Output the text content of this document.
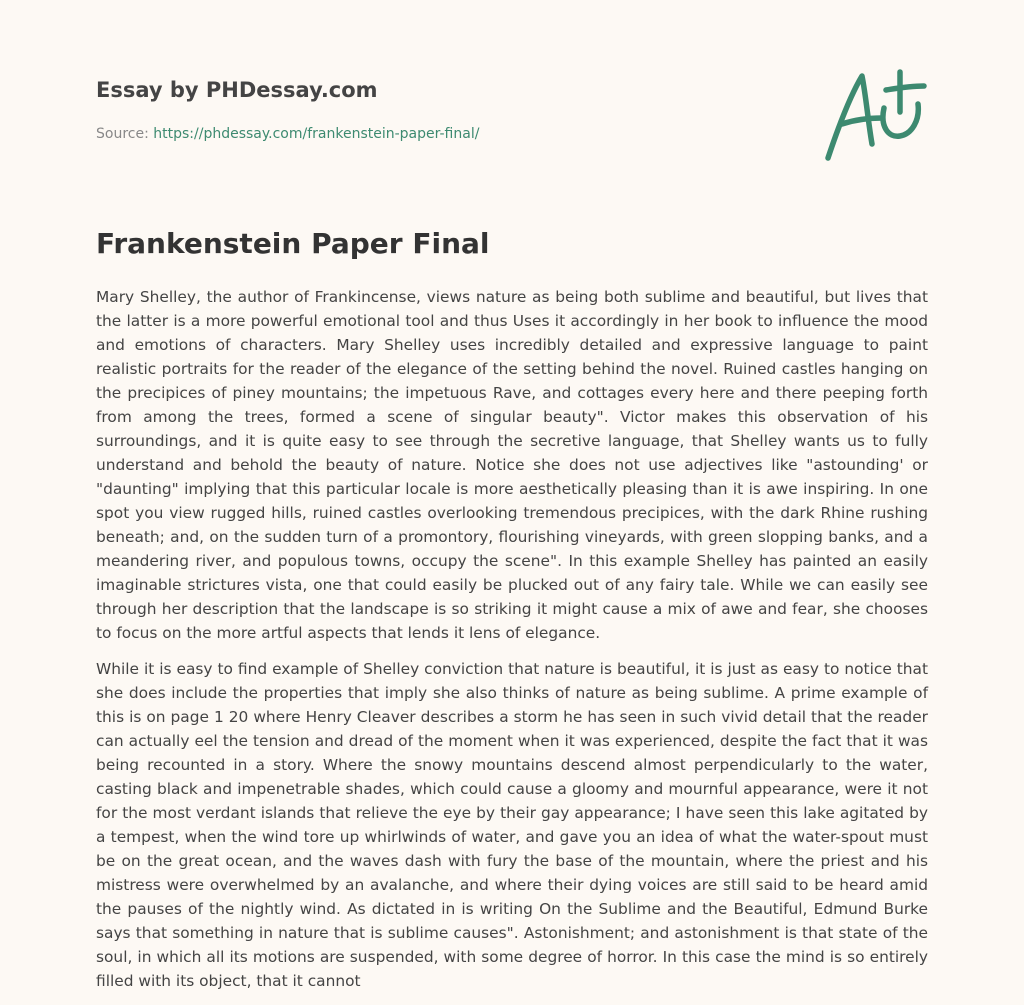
Essay by PHDessay.com
Source: https://phdessay.com/frankenstein-paper-final/
Frankenstein Paper Final

Mary Shelley, the author of Frankincense, views nature as being both sublime and beautiful, but lives that the latter is a more powerful emotional tool and thus Uses it accordingly in her book to influence the mood and emotions of characters. Mary Shelley uses incredibly detailed and expressive language to paint realistic portraits for the reader of the elegance of the setting behind the novel. Ruined castles hanging on the precipices of piney mountains; the impetuous Rave, and cottages every here and there peeping forth from among the trees, formed a scene of singular beauty". Victor makes this observation of his surroundings, and it is quite easy to see through the secretive language, that Shelley wants us to fully understand and behold the beauty of nature. Notice she does not use adjectives like "astounding' or "daunting" implying that this particular locale is more aesthetically pleasing than it is awe inspiring. In one spot you view rugged hills, ruined castles overlooking tremendous precipices, with the dark Rhine rushing beneath; and, on the sudden turn of a promontory, flourishing vineyards, with green slopping banks, and a meandering river, and populous towns, occupy the scene". In this example Shelley has painted an easily imaginable strictures vista, one that could easily be plucked out of any fairy tale. While we can easily see through her description that the landscape is so striking it might cause a mix of awe and fear, she chooses to focus on the more artful aspects that lends it lens of elegance.

While it is easy to find example of Shelley conviction that nature is beautiful, it is just as easy to notice that she does include the properties that imply she also thinks of nature as being sublime. A prime example of this is on page 1 20 where Henry Cleaver describes a storm he has seen in such vivid detail that the reader can actually eel the tension and dread of the moment when it was experienced, despite the fact that it was being recounted in a story. Where the snowy mountains descend almost perpendicularly to the water, casting black and impenetrable shades, which could cause a gloomy and mournful appearance, were it not for the most verdant islands that relieve the eye by their gay appearance; I have seen this lake agitated by a tempest, when the wind tore up whirlwinds of water, and gave you an idea of what the water-spout must be on the great ocean, and the waves dash with fury the base of the mountain, where the priest and his mistress were overwhelmed by an avalanche, and where their dying voices are still said to be heard amid the pauses of the nightly wind. As dictated in is writing On the Sublime and the Beautiful, Edmund Burke says that something in nature that is sublime causes". Astonishment; and astonishment is that state of the soul, in which all its motions are suspended, with some degree of horror. In this case the mind is so entirely filled with its object, that it cannot
